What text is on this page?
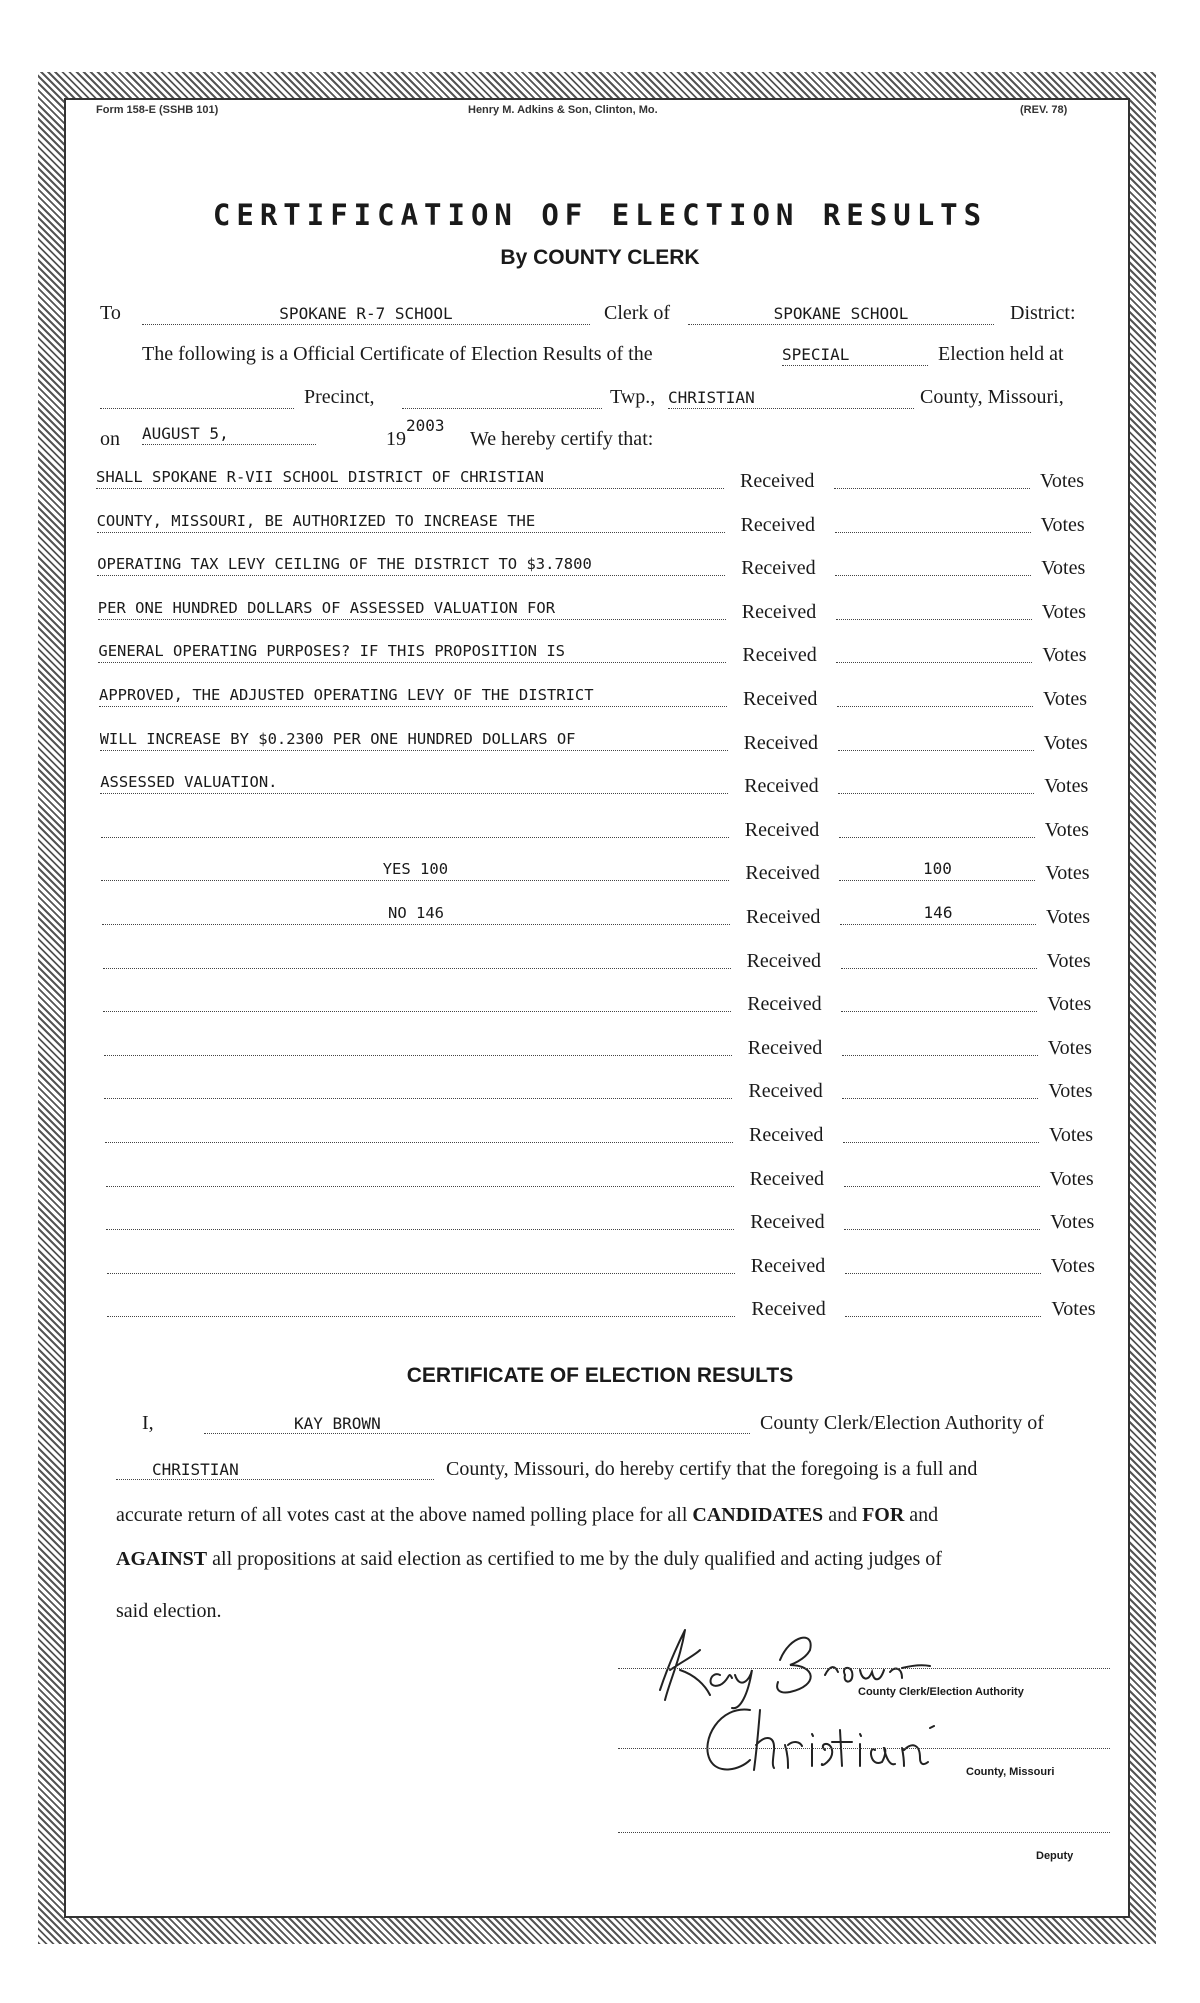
Form 158-E (SSHB 101)	Henry M. Adkins & Son, Clinton, Mo.	(REV. 78)
CERTIFICATION OF ELECTION RESULTS
By COUNTY CLERK
To	SPOKANE R-7 SCHOOL	Clerk of	SPOKANE SCHOOL	District:
The following is a Official Certificate of Election Results of the	SPECIAL	Election held at
Precinct,	Twp., CHRISTIAN	County, Missouri,
on AUGUST 5,	19
2003
We hereby certify that:
SHALL SPOKANE R-VII SCHOOL DISTRICT OF CHRISTIAN	Received	Votes
COUNTY, MISSOURI, BE AUTHORIZED TO INCREASE THE	Received	Votes
OPERATING TAX LEVY CEILING OF THE DISTRICT TO $3.7800	Received	Votes
PER ONE HUNDRED DOLLARS OF ASSESSED VALUATION FOR	Received	Votes
GENERAL OPERATING PURPOSES? IF THIS PROPOSITION IS	Received	Votes
APPROVED, THE ADJUSTED OPERATING LEVY OF THE DISTRICT	Received	Votes
WILL INCREASE BY $0.2300 PER ONE HUNDRED DOLLARS OF	Received	Votes
ASSESSED VALUATION.	Received	Votes
Received	Votes
YES 100	Received	100	Votes
NO 146	Received	146	Votes
Received	Votes
Received	Votes
Received	Votes
Received	Votes
Received	Votes
Received	Votes
Received	Votes
Received	Votes
Received	Votes
CERTIFICATE OF ELECTION RESULTS
I,	KAY BROWN	County Clerk/Election Authority of
CHRISTIAN	County, Missouri, do hereby certify that the foregoing is a full and
accurate return of all votes cast at the above named polling place for all CANDIDATES and FOR and
AGAINST all propositions at said election as certified to me by the duly qualified and acting judges of
said election.
County Clerk/Election Authority
County, Missouri
Deputy
